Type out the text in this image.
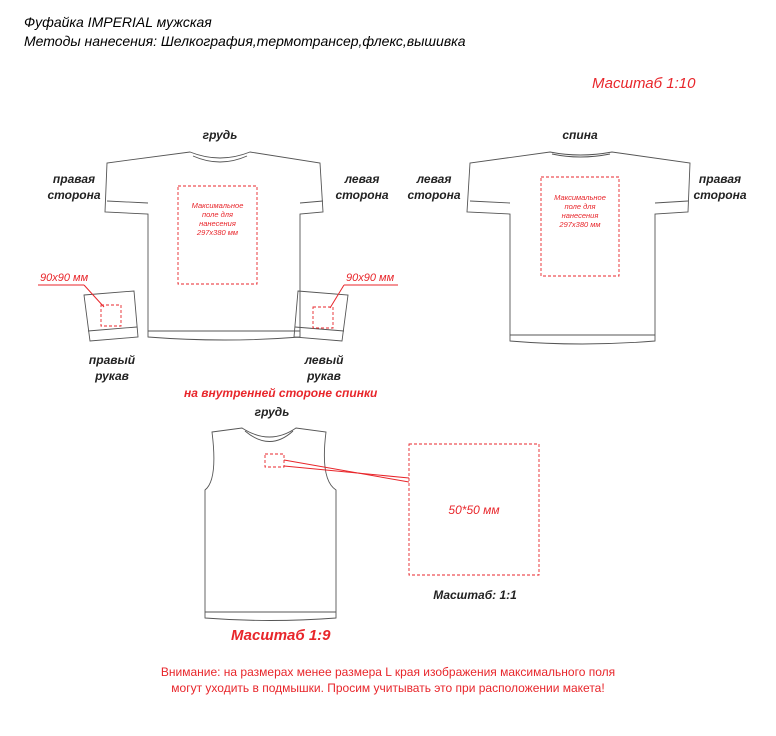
Фуфайка IMPERIAL мужская
Методы нанесения: Шелкография,термотрансер,флекс,вышивка
Масштаб 1:10
грудь
правая
сторона
левая
сторона
Максимальное
поле для
нанесения
297x380 мм
спина
левая
сторона
правая
сторона
Максимальное
поле для
нанесения
297x380 мм
90x90 мм	90x90 мм
правый
рукав
левый
рукав
на внутренней стороне спинки
грудь
50*50 мм
Масштаб: 1:1
Масштаб 1:9
Внимание: на размерах менее размера L края изображения максимального поля
могут уходить в подмышки. Просим учитывать это при расположении макета!
